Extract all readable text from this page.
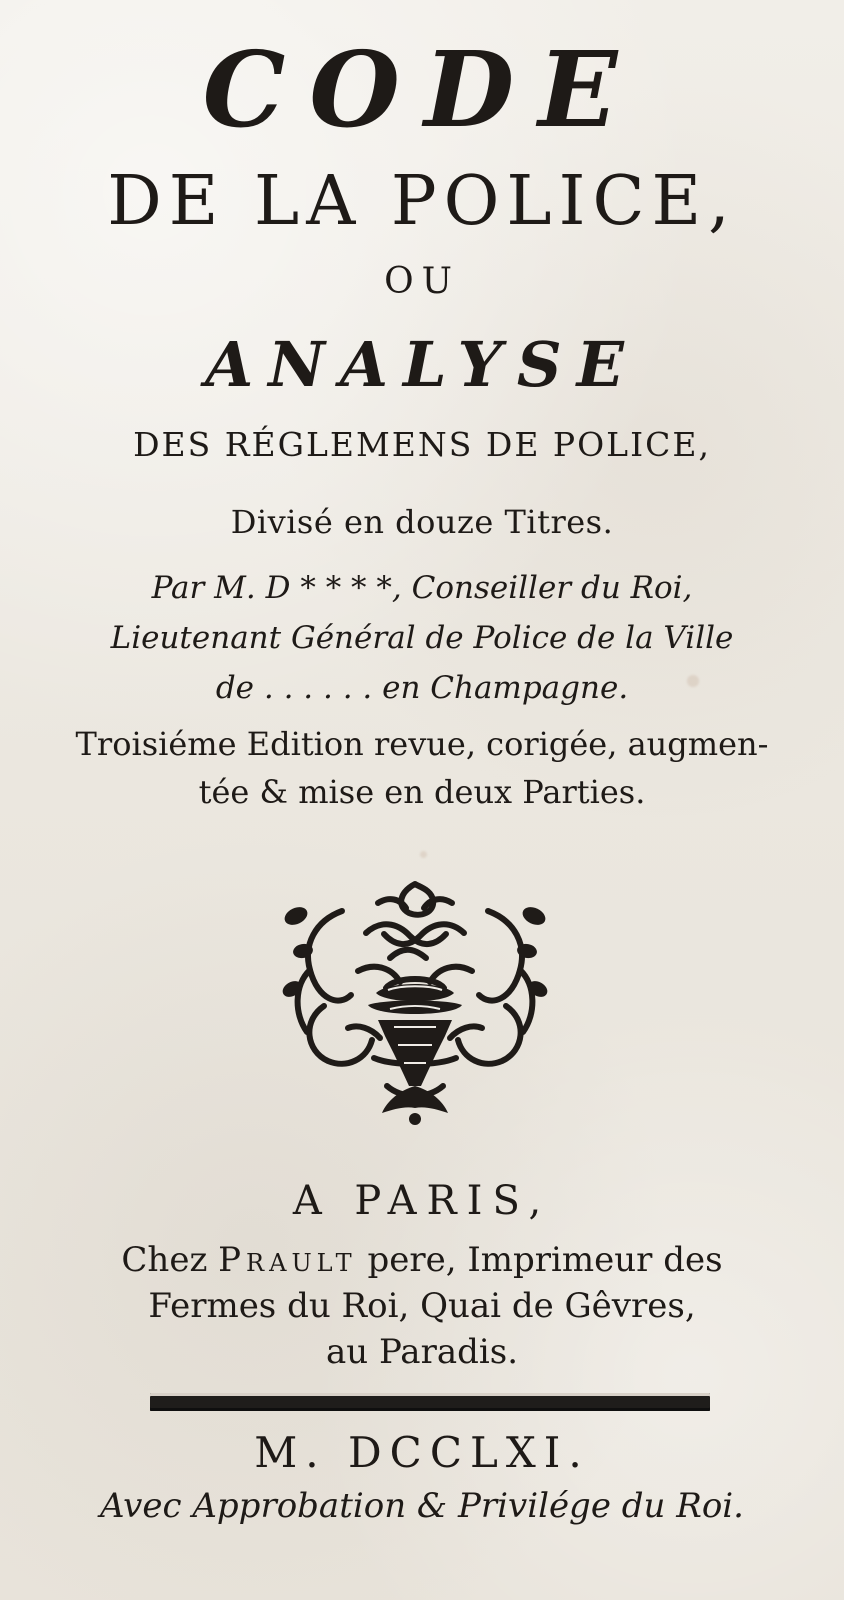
CODE
DE LA POLICE,
OU
ANALYSE
DES RÉGLEMENS DE POLICE,
Divisé en douze Titres.
Par M. D * * * *, Conseiller du Roi,
Lieutenant Général de Police de la Ville
de . . . . . . en Champagne.
Troisiéme Edition revue, corigée, augmen-
tée & mise en deux Parties.
A PARIS,
Chez Prault pere, Imprimeur des
Fermes du Roi, Quai de Gêvres,
au Paradis.
M. DCCLXI.
Avec Approbation & Privilége du Roi.
